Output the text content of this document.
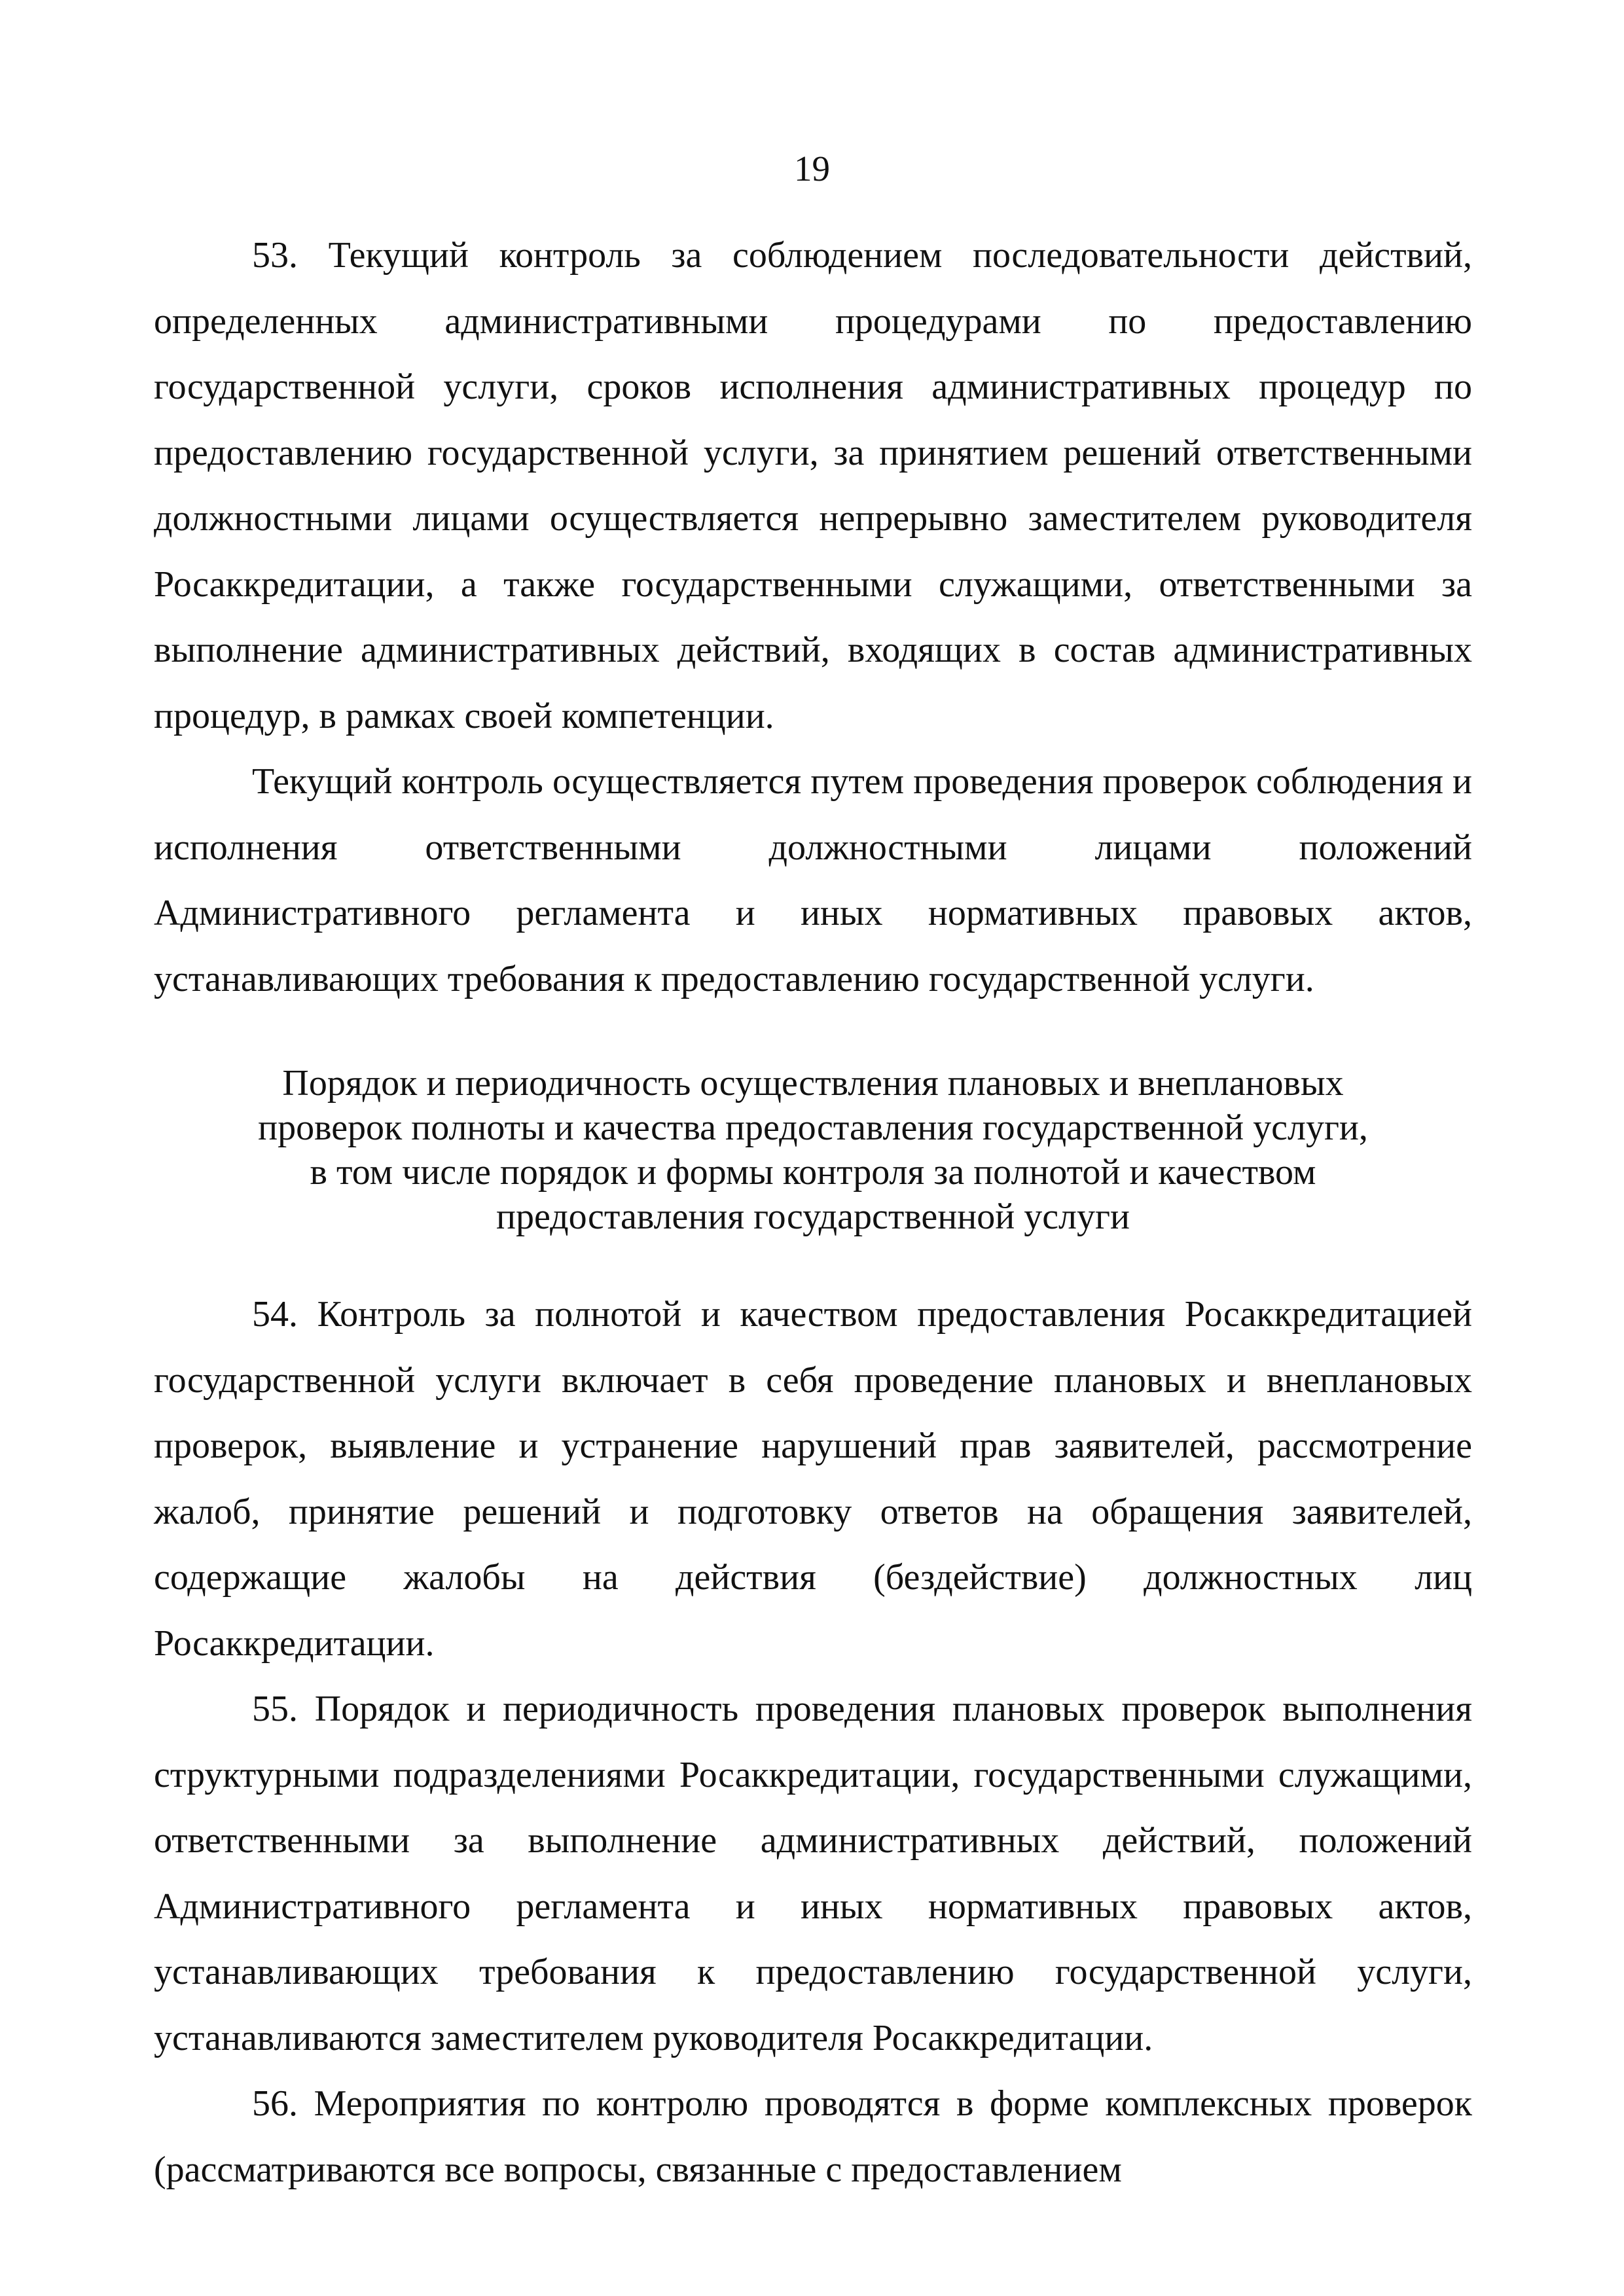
19

53. Текущий контроль за соблюдением последовательности действий, определенных административными процедурами по предоставлению государственной услуги, сроков исполнения административных процедур по предоставлению государственной услуги, за принятием решений ответственными должностными лицами осуществляется непрерывно заместителем руководителя Росаккредитации, а также государственными служащими, ответственными за выполнение административных действий, входящих в состав административных процедур, в рамках своей компетенции.

Текущий контроль осуществляется путем проведения проверок соблюдения и исполнения ответственными должностными лицами положений Административного регламента и иных нормативных правовых актов, устанавливающих требования к предоставлению государственной услуги.

Порядок и периодичность осуществления плановых и внеплановых
проверок полноты и качества предоставления государственной услуги,
в том числе порядок и формы контроля за полнотой и качеством
предоставления государственной услуги

54. Контроль за полнотой и качеством предоставления Росаккредитацией государственной услуги включает в себя проведение плановых и внеплановых проверок, выявление и устранение нарушений прав заявителей, рассмотрение жалоб, принятие решений и подготовку ответов на обращения заявителей, содержащие жалобы на действия (бездействие) должностных лиц Росаккредитации.

55. Порядок и периодичность проведения плановых проверок выполнения структурными подразделениями Росаккредитации, государственными служащими, ответственными за выполнение административных действий, положений Административного регламента и иных нормативных правовых актов, устанавливающих требования к предоставлению государственной услуги, устанавливаются заместителем руководителя Росаккредитации.

56. Мероприятия по контролю проводятся в форме комплексных проверок (рассматриваются все вопросы, связанные с предоставлением
